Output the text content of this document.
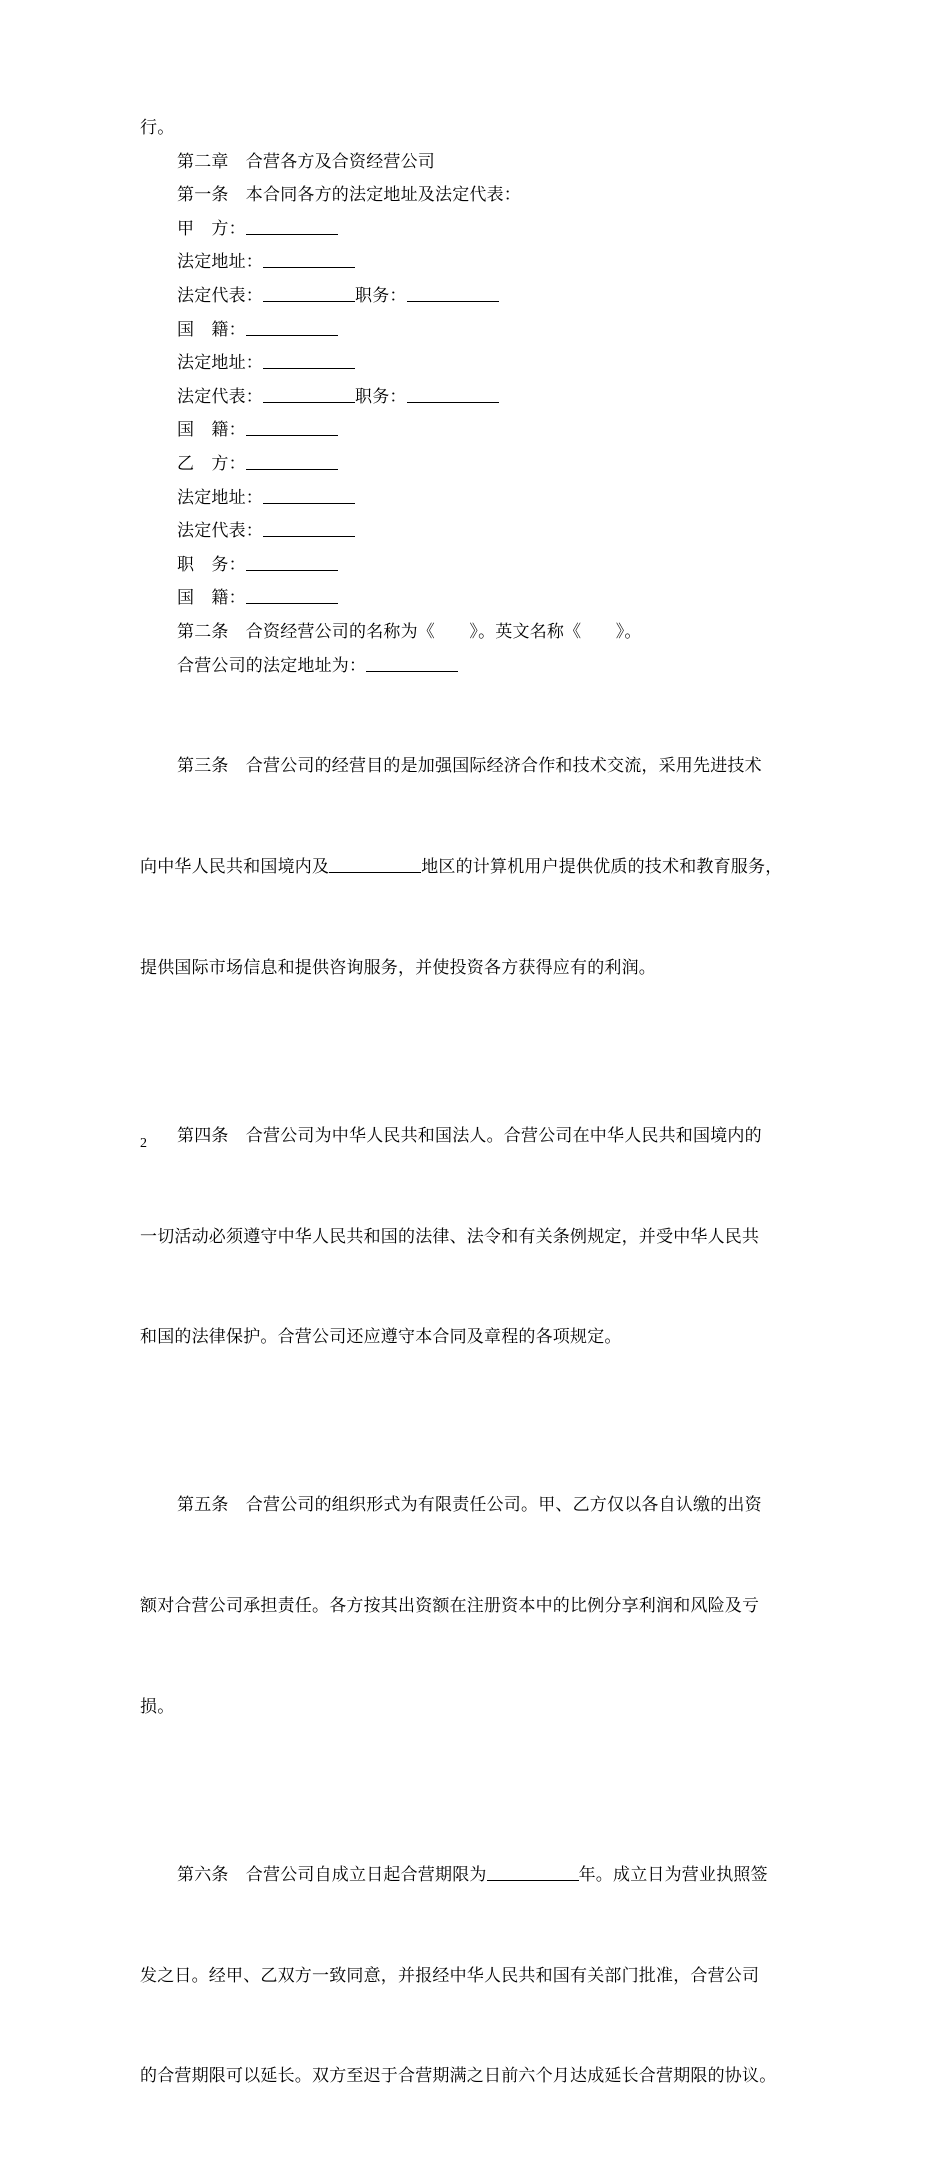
行。
第二章　合营各方及合资经营公司
第一条　本合同各方的法定地址及法定代表：
甲　方：
法定地址：
法定代表：	职务：
国　籍：
法定地址：
法定代表：	职务：
国　籍：
乙　方：
法定地址：
法定代表：
职　务：
国　籍：
第二条　合资经营公司的名称为《　　》。英文名称《　　》。
合营公司的法定地址为：

第三条　合营公司的经营目的是加强国际经济合作和技术交流，采用先进技术

向中华人民共和国境内及	地区的计算机用户提供优质的技术和教育服务，

提供国际市场信息和提供咨询服务，并使投资各方获得应有的利润。

第四条　合营公司为中华人民共和国法人。合营公司在中华人民共和国境内的

一切活动必须遵守中华人民共和国的法律、法令和有关条例规定，并受中华人民共

和国的法律保护。合营公司还应遵守本合同及章程的各项规定。

第五条　合营公司的组织形式为有限责任公司。甲、乙方仅以各自认缴的出资

额对合营公司承担责任。各方按其出资额在注册资本中的比例分享利润和风险及亏

损。

第六条　合营公司自成立日起合营期限为	年。成立日为营业执照签

发之日。经甲、乙双方一致同意，并报经中华人民共和国有关部门批准，合营公司

的合营期限可以延长。双方至迟于合营期满之日前六个月达成延长合营期限的协议。

2
